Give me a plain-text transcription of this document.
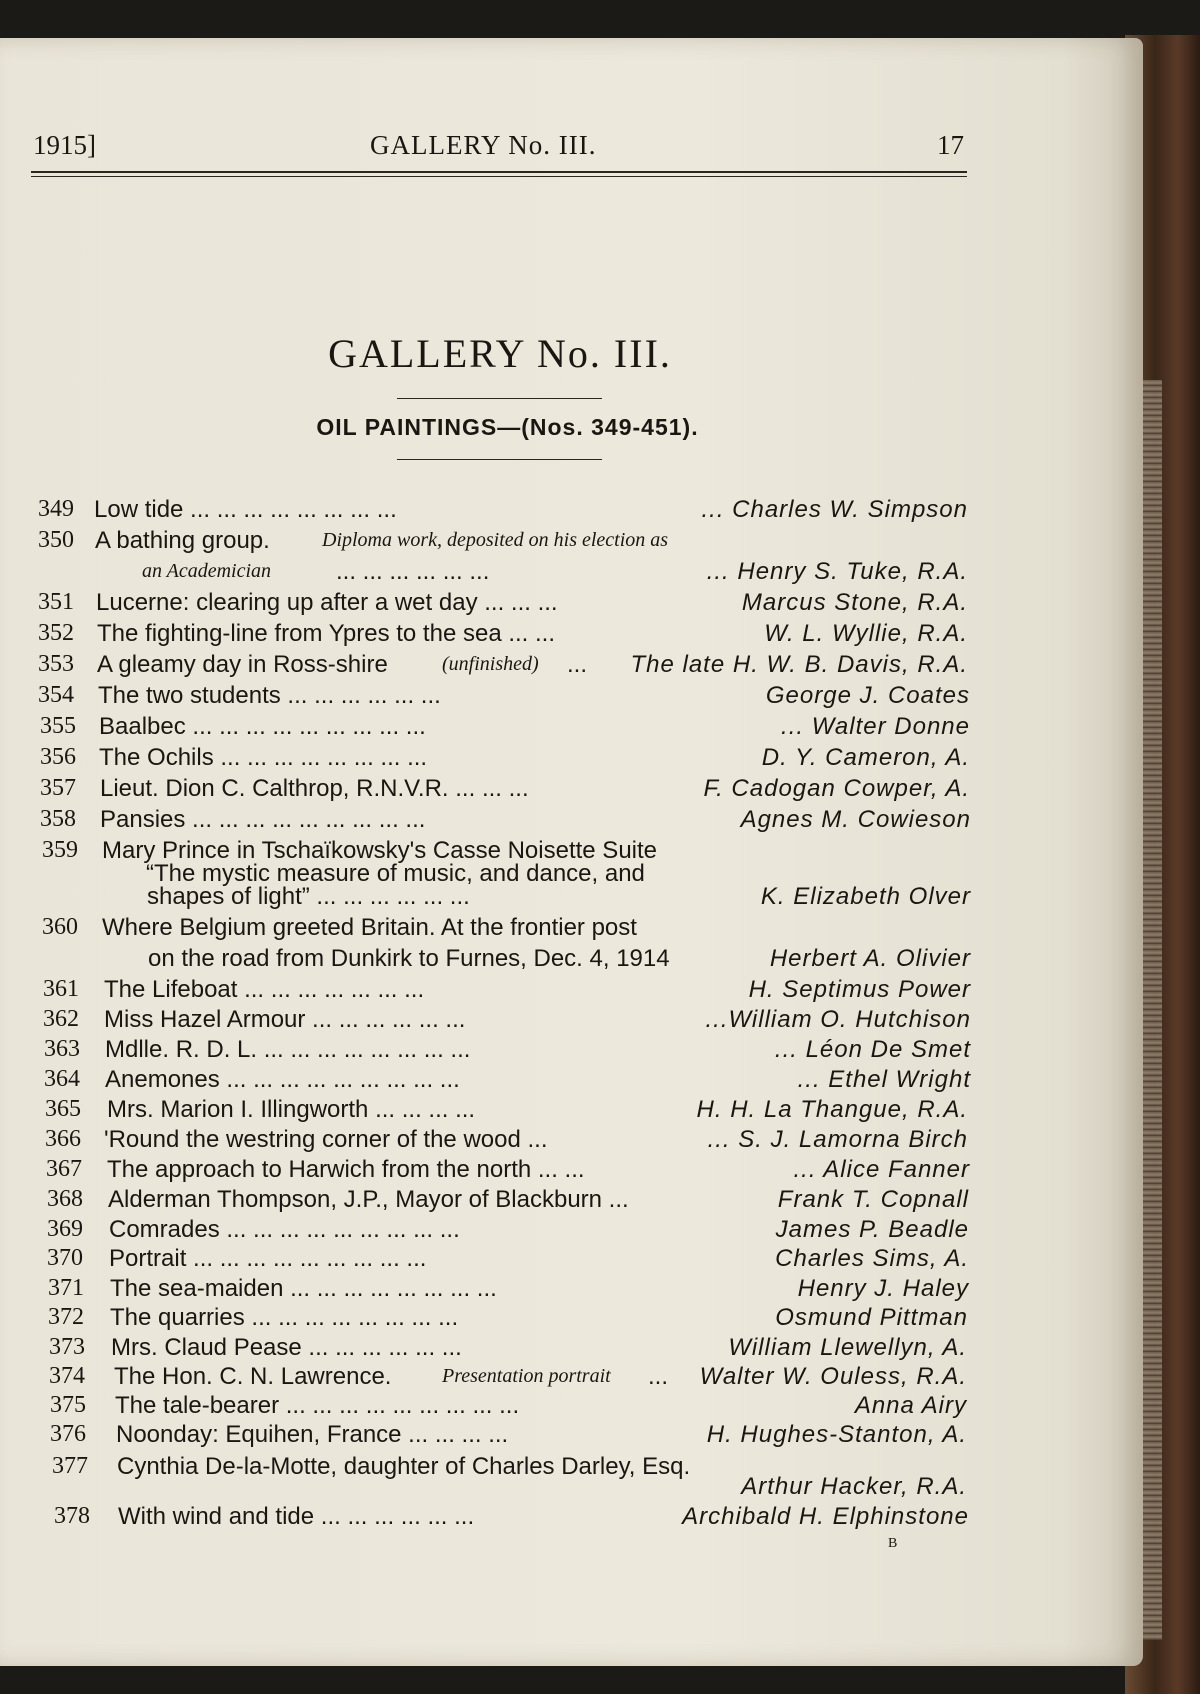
1915]	GALLERY No. III.	17
GALLERY No. III.
OIL PAINTINGS—(Nos. 349-451).
349 Low tide ... ... ... ... ... ... ... ...	... Charles W. Simpson
350 A bathing group.	Diploma work, deposited on his election as
an Academician	... ... ... ... ... ...	... Henry S. Tuke, R.A.
351 Lucerne: clearing up after a wet day ... ... ...	Marcus Stone, R.A.
352 The fighting-line from Ypres to the sea ... ...	W. L. Wyllie, R.A.
353 A gleamy day in Ross-shire	(unfinished) ... The late H. W. B. Davis, R.A.
354 The two students ... ... ... ... ... ...	George J. Coates
355 Baalbec ... ... ... ... ... ... ... ... ...	... Walter Donne
356 The Ochils ... ... ... ... ... ... ... ...	D. Y. Cameron, A.
357 Lieut. Dion C. Calthrop, R.N.V.R. ... ... ...	F. Cadogan Cowper, A.
358 Pansies ... ... ... ... ... ... ... ... ...	Agnes M. Cowieson
359 Mary Prince in Tschaïkowsky's Casse Noisette Suite
“The mystic measure of music, and dance, and
shapes of light” ... ... ... ... ... ...	K. Elizabeth Olver
360 Where Belgium greeted Britain. At the frontier post
on the road from Dunkirk to Furnes, Dec. 4, 1914	Herbert A. Olivier
361 The Lifeboat ... ... ... ... ... ... ...	H. Septimus Power
362 Miss Hazel Armour ... ... ... ... ... ...	...William O. Hutchison
363 Mdlle. R. D. L. ... ... ... ... ... ... ... ...	... Léon De Smet
364 Anemones ... ... ... ... ... ... ... ... ...	... Ethel Wright
365 Mrs. Marion I. Illingworth ... ... ... ...	H. H. La Thangue, R.A.
366 'Round the westring corner of the wood ...	... S. J. Lamorna Birch
367 The approach to Harwich from the north ... ...	... Alice Fanner
368 Alderman Thompson, J.P., Mayor of Blackburn ...	Frank T. Copnall
369 Comrades ... ... ... ... ... ... ... ... ...	James P. Beadle
370 Portrait ... ... ... ... ... ... ... ... ...	Charles Sims, A.
371 The sea-maiden ... ... ... ... ... ... ... ...	Henry J. Haley
372 The quarries ... ... ... ... ... ... ... ...	Osmund Pittman
373 Mrs. Claud Pease ... ... ... ... ... ...	William Llewellyn, A.
374 The Hon. C. N. Lawrence.	Presentation portrait ... Walter W. Ouless, R.A.
375 The tale-bearer ... ... ... ... ... ... ... ... ...	Anna Airy
376 Noonday: Equihen, France ... ... ... ...	H. Hughes-Stanton, A.
377 Cynthia De-la-Motte, daughter of Charles Darley, Esq.
Arthur Hacker, R.A.
378 With wind and tide ... ... ... ... ... ...	Archibald H. Elphinstone
B
